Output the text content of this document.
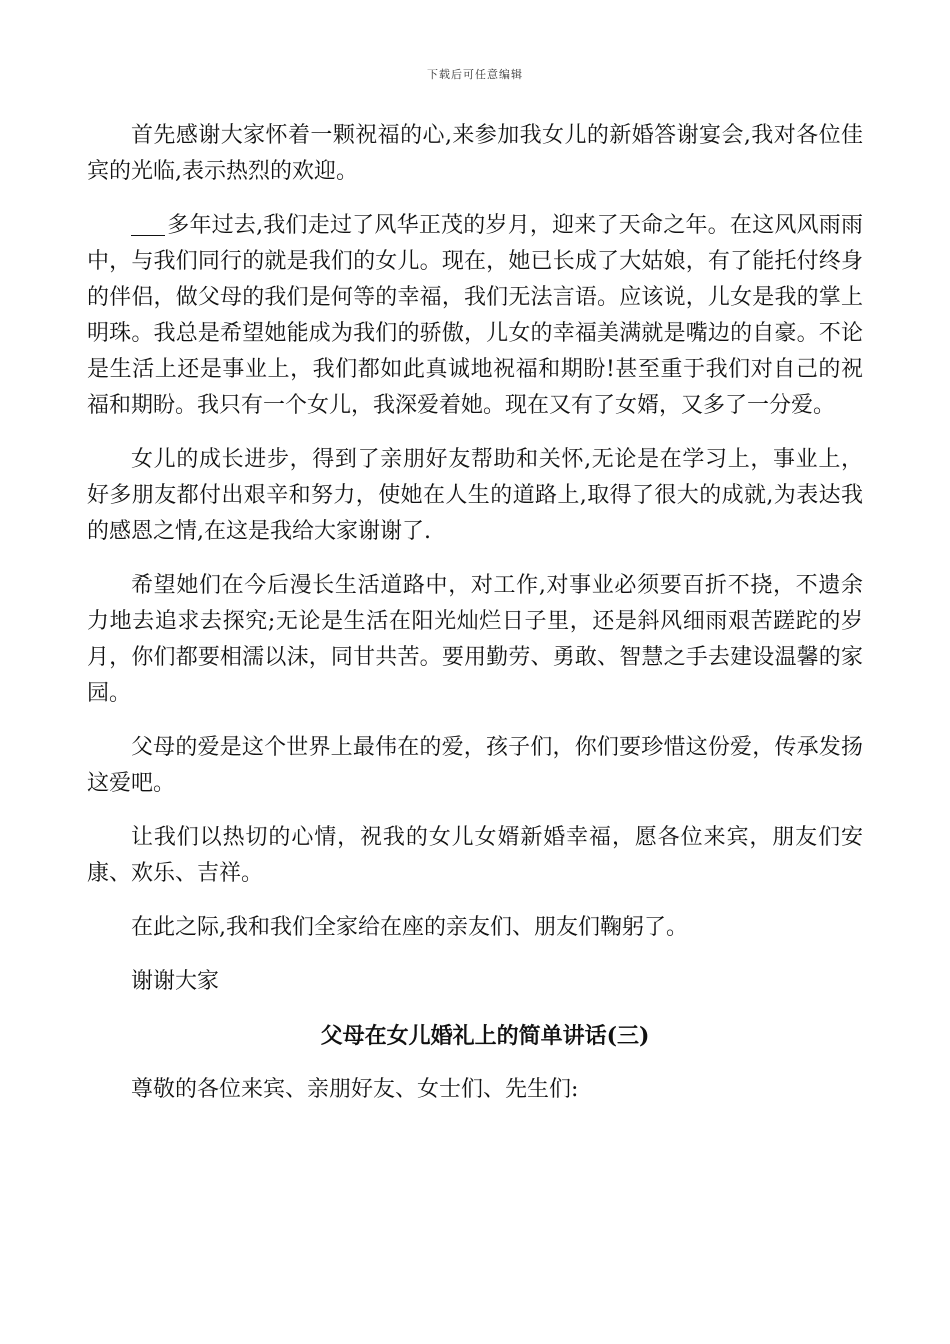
下载后可任意编辑

首先感谢大家怀着一颗祝福的心,来参加我女儿的新婚答谢宴会,我对各位佳宾的光临,表示热烈的欢迎。

多年过去,我们走过了风华正茂的岁月，迎来了天命之年。在这风风雨雨中，与我们同行的就是我们的女儿。现在，她已长成了大姑娘，有了能托付终身的伴侣，做父母的我们是何等的幸福，我们无法言语。应该说，儿女是我的掌上明珠。我总是希望她能成为我们的骄傲，儿女的幸福美满就是嘴边的自豪。不论是生活上还是事业上，我们都如此真诚地祝福和期盼!甚至重于我们对自己的祝福和期盼。我只有一个女儿，我深爱着她。现在又有了女婿，又多了一分爱。

女儿的成长进步，得到了亲朋好友帮助和关怀,无论是在学习上，事业上，好多朋友都付出艰辛和努力，使她在人生的道路上,取得了很大的成就,为表达我的感恩之情,在这是我给大家谢谢了.

希望她们在今后漫长生活道路中，对工作,对事业必须要百折不挠，不遗余力地去追求去探究;无论是生活在阳光灿烂日子里，还是斜风细雨艰苦蹉跎的岁月，你们都要相濡以沫，同甘共苦。要用勤劳、勇敢、智慧之手去建设温馨的家园。

父母的爱是这个世界上最伟在的爱，孩子们，你们要珍惜这份爱，传承发扬这爱吧。

让我们以热切的心情，祝我的女儿女婿新婚幸福，愿各位来宾，朋友们安康、欢乐、吉祥。

在此之际,我和我们全家给在座的亲友们、朋友们鞠躬了。

谢谢大家

父母在女儿婚礼上的简单讲话(三)

尊敬的各位来宾、亲朋好友、女士们、先生们:
